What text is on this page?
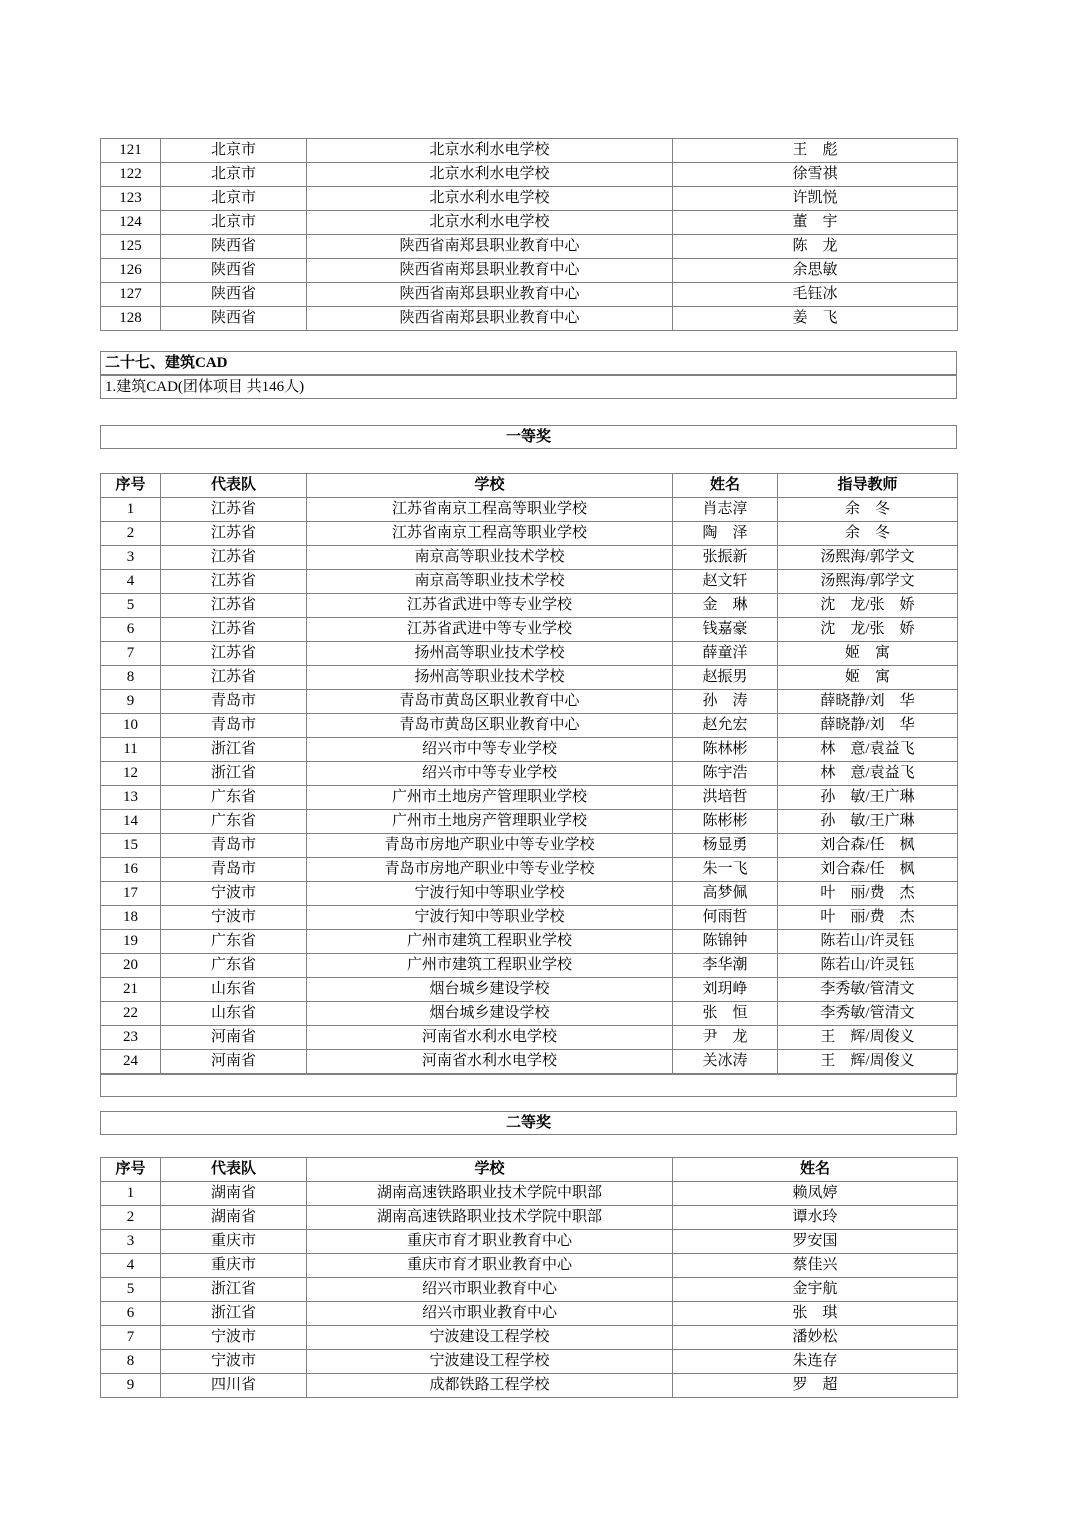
121	北京市	北京水利水电学校	王　彪
122	北京市	北京水利水电学校	徐雪祺
123	北京市	北京水利水电学校	许凯悦
124	北京市	北京水利水电学校	董　宇
125	陕西省	陕西省南郑县职业教育中心	陈　龙
126	陕西省	陕西省南郑县职业教育中心	余思敏
127	陕西省	陕西省南郑县职业教育中心	毛钰冰
128	陕西省	陕西省南郑县职业教育中心	姜　飞
二十七、建筑CAD
1.建筑CAD(团体项目 共146人)
一等奖
序号	代表队	学校	姓名	指导教师
1	江苏省	江苏省南京工程高等职业学校	肖志淳	余　冬
2	江苏省	江苏省南京工程高等职业学校	陶　泽	余　冬
3	江苏省	南京高等职业技术学校	张振新	汤熙海/郭学文
4	江苏省	南京高等职业技术学校	赵文轩	汤熙海/郭学文
5	江苏省	江苏省武进中等专业学校	金　琳	沈　龙/张　娇
6	江苏省	江苏省武进中等专业学校	钱嘉豪	沈　龙/张　娇
7	江苏省	扬州高等职业技术学校	薛童洋	姬　寓
8	江苏省	扬州高等职业技术学校	赵振男	姬　寓
9	青岛市	青岛市黄岛区职业教育中心	孙　涛	薛晓静/刘　华
10	青岛市	青岛市黄岛区职业教育中心	赵允宏	薛晓静/刘　华
11	浙江省	绍兴市中等专业学校	陈林彬	林　意/袁益飞
12	浙江省	绍兴市中等专业学校	陈宇浩	林　意/袁益飞
13	广东省	广州市土地房产管理职业学校	洪培哲	孙　敏/王广琳
14	广东省	广州市土地房产管理职业学校	陈彬彬	孙　敏/王广琳
15	青岛市	青岛市房地产职业中等专业学校	杨显勇	刘合森/任　枫
16	青岛市	青岛市房地产职业中等专业学校	朱一飞	刘合森/任　枫
17	宁波市	宁波行知中等职业学校	高梦佩	叶　丽/费　杰
18	宁波市	宁波行知中等职业学校	何雨哲	叶　丽/费　杰
19	广东省	广州市建筑工程职业学校	陈锦钟	陈若山/许灵钰
20	广东省	广州市建筑工程职业学校	李华潮	陈若山/许灵钰
21	山东省	烟台城乡建设学校	刘玥峥	李秀敏/管清文
22	山东省	烟台城乡建设学校	张　恒	李秀敏/管清文
23	河南省	河南省水利水电学校	尹　龙	王　辉/周俊义
24	河南省	河南省水利水电学校	关冰涛	王　辉/周俊义
二等奖
序号	代表队	学校	姓名
1	湖南省	湖南高速铁路职业技术学院中职部	赖凤婷
2	湖南省	湖南高速铁路职业技术学院中职部	谭水玲
3	重庆市	重庆市育才职业教育中心	罗安国
4	重庆市	重庆市育才职业教育中心	蔡佳兴
5	浙江省	绍兴市职业教育中心	金宇航
6	浙江省	绍兴市职业教育中心	张　琪
7	宁波市	宁波建设工程学校	潘妙松
8	宁波市	宁波建设工程学校	朱连存
9	四川省	成都铁路工程学校	罗　超
